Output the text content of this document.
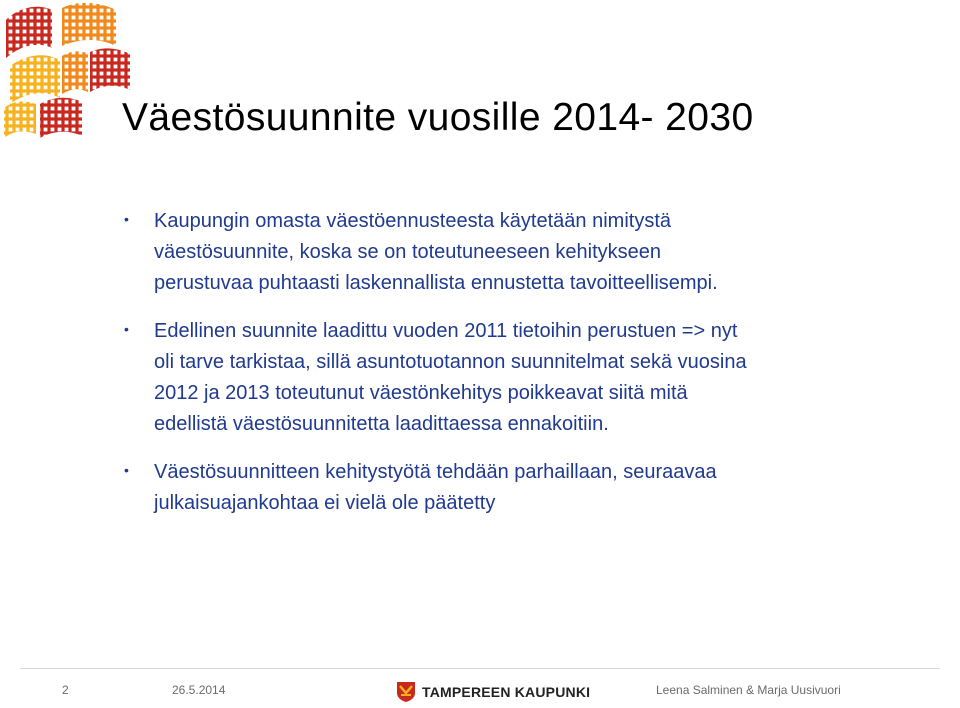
Väestösuunnite vuosille 2014- 2030
• Kaupungin omasta väestöennusteesta käytetään nimitystä
väestösuunnite, koska se on toteutuneeseen kehitykseen
perustuvaa puhtaasti laskennallista ennustetta tavoitteellisempi.
• Edellinen suunnite laadittu vuoden 2011 tietoihin perustuen => nyt
oli tarve tarkistaa, sillä asuntotuotannon suunnitelmat sekä vuosina
2012 ja 2013 toteutunut väestönkehitys poikkeavat siitä mitä
edellistä väestösuunnitetta laadittaessa ennakoitiin.
• Väestösuunnitteen kehitystyötä tehdään parhaillaan, seuraavaa
julkaisuajankohtaa ei vielä ole päätetty
2	26.5.2014	TAMPEREEN KAUPUNKI	Leena Salminen & Marja Uusivuori
